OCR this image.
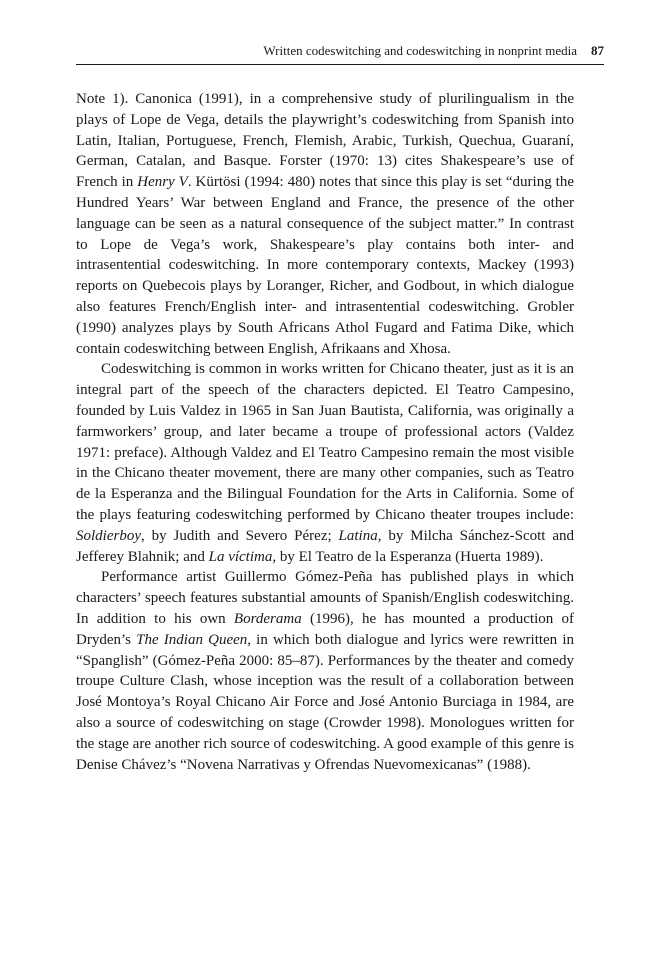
Written codeswitching and codeswitching in nonprint media 87

Note 1). Canonica (1991), in a comprehensive study of plurilingualism in the plays of Lope de Vega, details the playwright’s codeswitching from Spanish into Latin, Italian, Portuguese, French, Flemish, Arabic, Turkish, Quechua, Guaraní, German, Catalan, and Basque. Forster (1970: 13) cites Shakespeare’s use of French in Henry V. Kürtösi (1994: 480) notes that since this play is set “during the Hundred Years’ War between England and France, the presence of the other language can be seen as a natural consequence of the subject matter.” In contrast to Lope de Vega’s work, Shakespeare’s play contains both inter- and intrasentential codeswitching. In more contemporary contexts, Mackey (1993) reports on Quebecois plays by Loranger, Richer, and Godbout, in which dialogue also features French/English inter- and intrasentential codeswitching. Grobler (1990) analyzes plays by South Africans Athol Fugard and Fatima Dike, which contain codeswitching between English, Afrikaans and Xhosa.

Codeswitching is common in works written for Chicano theater, just as it is an integral part of the speech of the characters depicted. El Teatro Campesino, founded by Luis Valdez in 1965 in San Juan Bautista, California, was originally a farmworkers’ group, and later became a troupe of professional actors (Valdez 1971: preface). Although Valdez and El Teatro Campesino remain the most visible in the Chicano theater movement, there are many other companies, such as Teatro de la Esperanza and the Bilingual Foundation for the Arts in California. Some of the plays featuring codeswitching performed by Chicano theater troupes include: Soldierboy, by Judith and Severo Pérez; Latina, by Milcha Sánchez-Scott and Jefferey Blahnik; and La víctima, by El Teatro de la Esperanza (Huerta 1989).

Performance artist Guillermo Gómez-Peña has published plays in which characters’ speech features substantial amounts of Spanish/English codeswitching. In addition to his own Borderama (1996), he has mounted a production of Dryden’s The Indian Queen, in which both dialogue and lyrics were rewritten in “Spanglish” (Gómez-Peña 2000: 85–87). Performances by the theater and comedy troupe Culture Clash, whose inception was the result of a collaboration between José Montoya’s Royal Chicano Air Force and José Antonio Burciaga in 1984, are also a source of codeswitching on stage (Crowder 1998). Monologues written for the stage are another rich source of codeswitching. A good example of this genre is Denise Chávez’s “Novena Narrativas y Ofrendas Nuevomexicanas” (1988).
